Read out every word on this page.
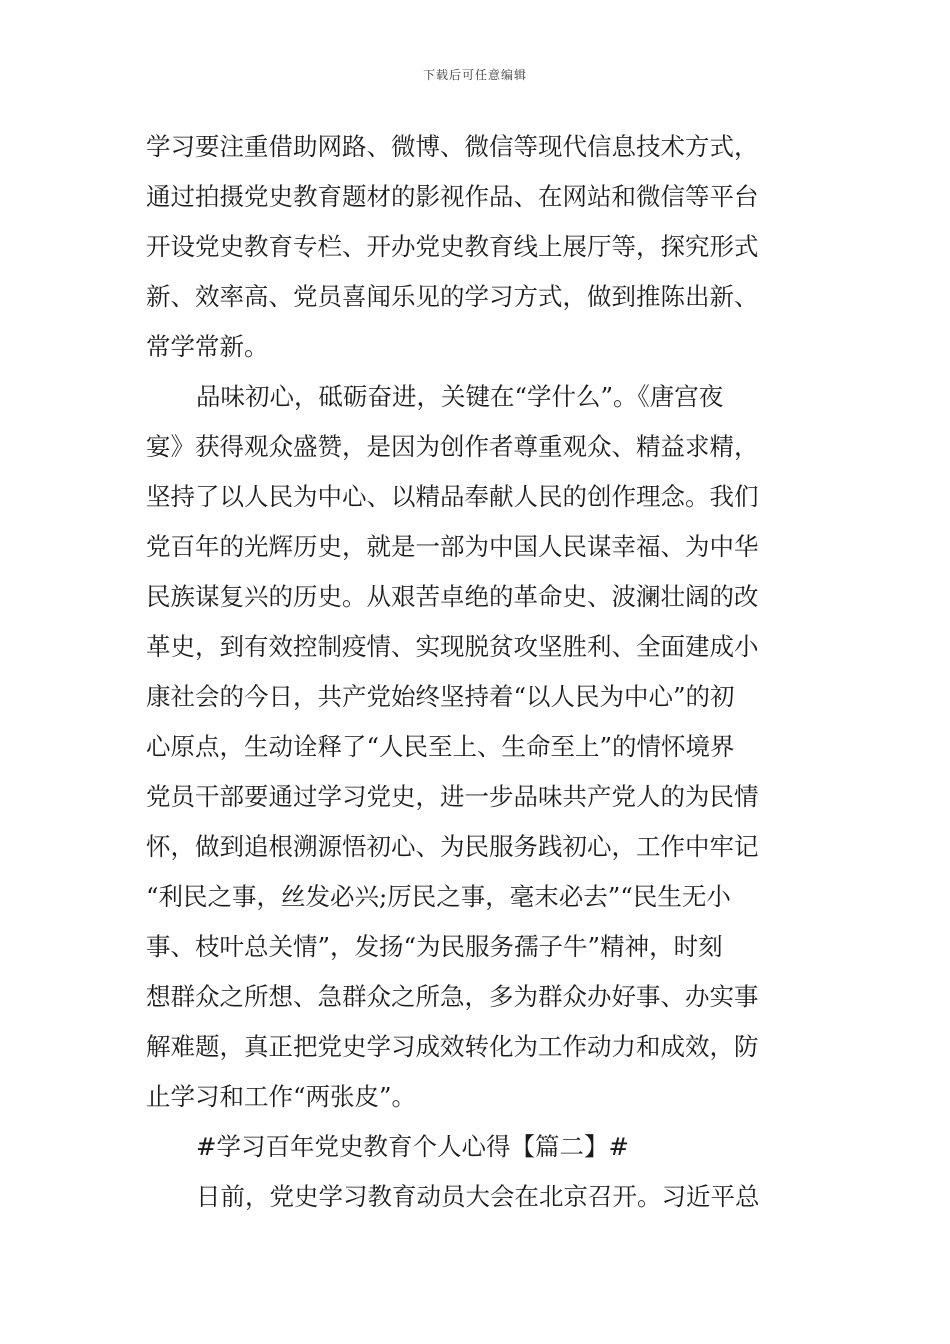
下载后可任意编辑
学习要注重借助网路、微博、微信等现代信息技术方式，
通过拍摄党史教育题材的影视作品、在网站和微信等平台
开设党史教育专栏、开办党史教育线上展厅等，探究形式
新、效率高、党员喜闻乐见的学习方式，做到推陈出新、
常学常新。
品味初心，砥砺奋进，关键在“学什么”。《唐宫夜
宴》获得观众盛赞，是因为创作者尊重观众、精益求精，
坚持了以人民为中心、以精品奉献人民的创作理念。我们
党百年的光辉历史，就是一部为中国人民谋幸福、为中华
民族谋复兴的历史。从艰苦卓绝的革命史、波澜壮阔的改
革史，到有效控制疫情、实现脱贫攻坚胜利、全面建成小
康社会的今日，共产党始终坚持着“以人民为中心”的初
心原点，生动诠释了“人民至上、生命至上”的情怀境界
党员干部要通过学习党史，进一步品味共产党人的为民情
怀，做到追根溯源悟初心、为民服务践初心，工作中牢记
“利民之事，丝发必兴;厉民之事，毫末必去”“民生无小
事、枝叶总关情”，发扬“为民服务孺子牛”精神，时刻
想群众之所想、急群众之所急，多为群众办好事、办实事
解难题，真正把党史学习成效转化为工作动力和成效，防
止学习和工作“两张皮”。
#学习百年党史教育个人心得【篇二】#
日前，党史学习教育动员大会在北京召开。习近平总
